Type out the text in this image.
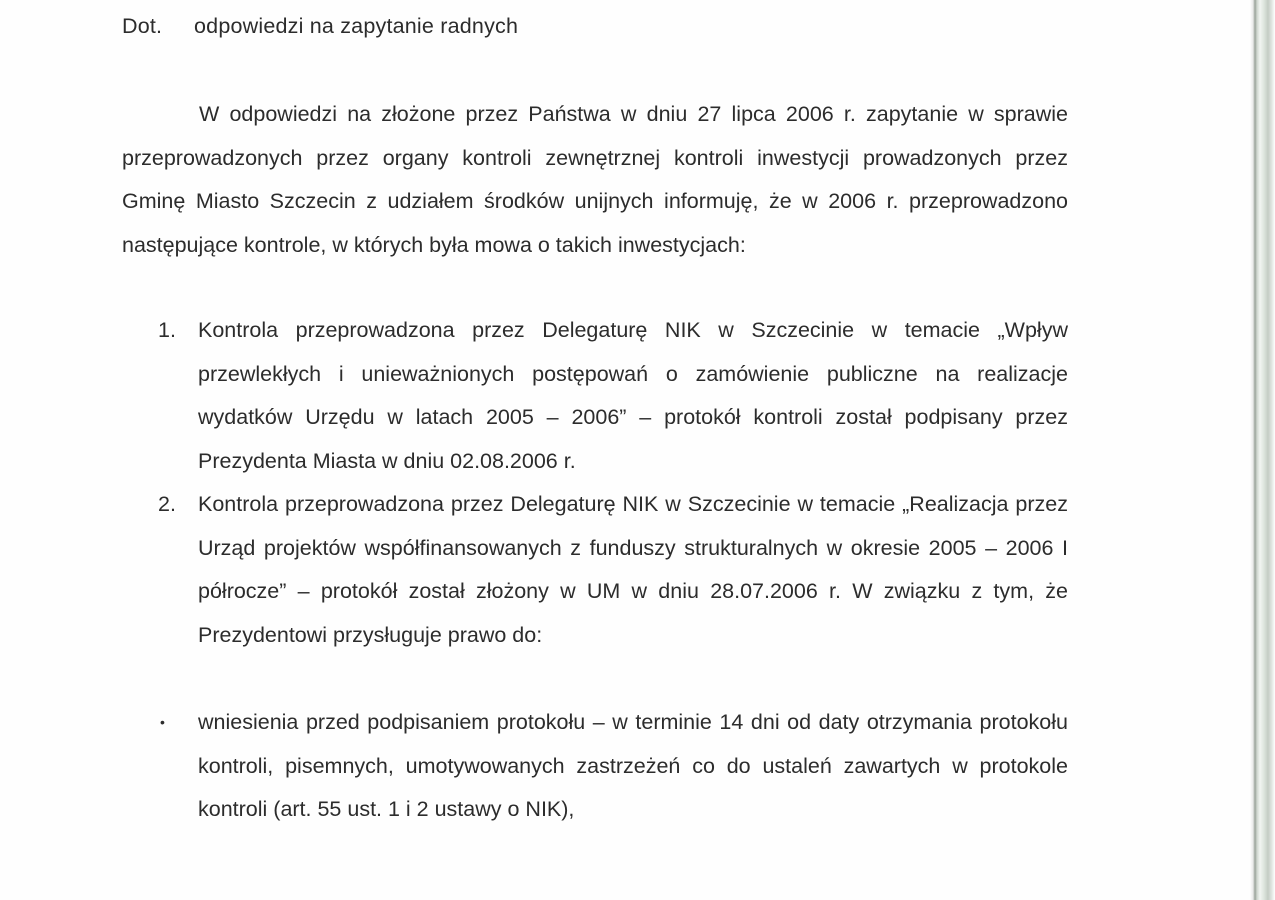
Dot. odpowiedzi na zapytanie radnych

W odpowiedzi na złożone przez Państwa w dniu 27 lipca 2006 r. zapytanie w sprawie przeprowadzonych przez organy kontroli zewnętrznej kontroli inwestycji prowadzonych przez Gminę Miasto Szczecin z udziałem środków unijnych informuję, że w 2006 r. przeprowadzono następujące kontrole, w których była mowa o takich inwestycjach:

1.	Kontrola przeprowadzona przez Delegaturę NIK w Szczecinie w temacie „Wpływ przewlekłych i unieważnionych postępowań o zamówienie publiczne na realizacje wydatków Urzędu w latach 2005 – 2006” – protokół kontroli został podpisany przez Prezydenta Miasta w dniu 02.08.2006 r.
2.	Kontrola przeprowadzona przez Delegaturę NIK w Szczecinie w temacie „Realizacja przez Urząd projektów współfinansowanych z funduszy strukturalnych w okresie 2005 – 2006 I półrocze” – protokół został złożony w UM w dniu 28.07.2006 r. W związku z tym, że Prezydentowi przysługuje prawo do:
•	wniesienia przed podpisaniem protokołu – w terminie 14 dni od daty otrzymania protokołu kontroli, pisemnych, umotywowanych zastrzeżeń co do ustaleń zawartych w protokole kontroli (art. 55 ust. 1 i 2 ustawy o NIK),
